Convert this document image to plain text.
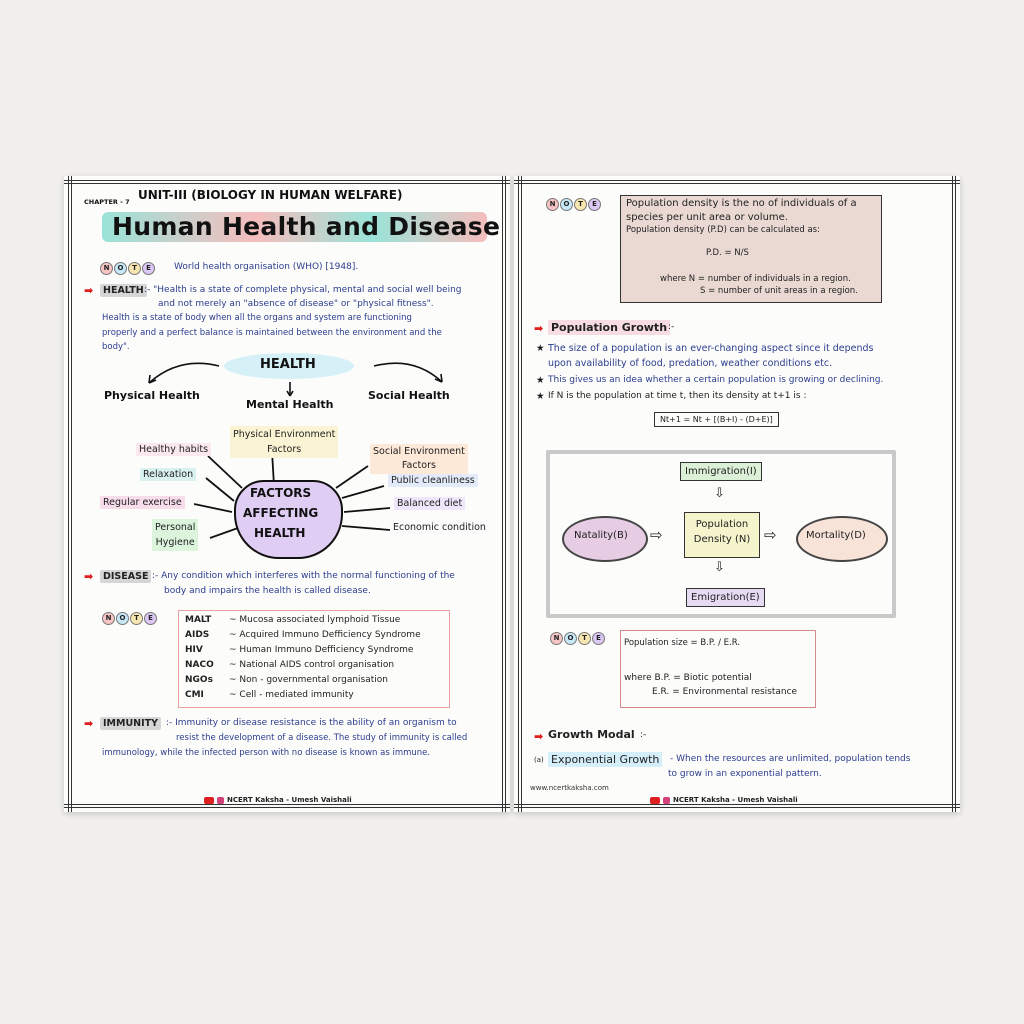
CHAPTER - 7 UNIT-III (BIOLOGY IN HUMAN WELFARE)
Human Health and Disease
N	O	T	E	World health organisation (WHO) [1948].
➡	HEALTH :- "Health is a state of complete physical, mental and social well being
and not merely an "absence of disease" or "physical fitness".
Health is a state of body when all the organs and system are functioning
properly and a perfect balance is maintained between the environment and the
body".
HEALTH
Physical Health
Mental Health
Social Health
FACTORS
AFFECTING
HEALTH
Healthy habits
Relaxation
Regular exercise
Personal
Hygiene
Physical Environment
Factors	Social Environment
Factors
Public cleanliness
Balanced diet
Economic condition
➡	DISEASE :- Any condition which interferes with the normal functioning of the
body and impairs the health is called disease.
N	O	T	E	MALT ~ Mucosa associated lymphoid Tissue
AIDS ~ Acquired Immuno Defficiency Syndrome
HIV	~ Human Immuno Defficiency Syndrome
NACO ~ National AIDS control organisation
NGOs ~ Non - governmental organisation
CMI	~ Cell - mediated immunity
➡	IMMUNITY :- Immunity or disease resistance is the ability of an organism to
resist the development of a disease. The study of immunity is called
immunology, while the infected person with no disease is known as immune.
NCERT Kaksha - Umesh Vaishali
N	O	T	E	Population density is the no of individuals of a
species per unit area or volume.
Population density (P.D) can be calculated as:
P.D. = N/S
where N = number of individuals in a region.
S = number of unit areas in a region.
➡ Population Growth :-
★ The size of a population is an ever-changing aspect since it depends
upon availability of food, predation, weather conditions etc.
★ This gives us an idea whether a certain population is growing or declining.
★ If N is the population at time t, then its density at t+1 is :
Nt+1 = Nt + [(B+I) - (D+E)]
Immigration(I)
⇩
Population
Density (N)
Natality(B) ⇨	⇨	Mortality(D)
⇩
Emigration(E)
N	O	T	E	Population size = B.P. / E.R.
where B.P. = Biotic potential
E.R. = Environmental resistance
➡ Growth Modal :-
(a) Exponential Growth	- When the resources are unlimited, population tends
to grow in an exponential pattern.
www.ncertkaksha.com
NCERT Kaksha - Umesh Vaishali
